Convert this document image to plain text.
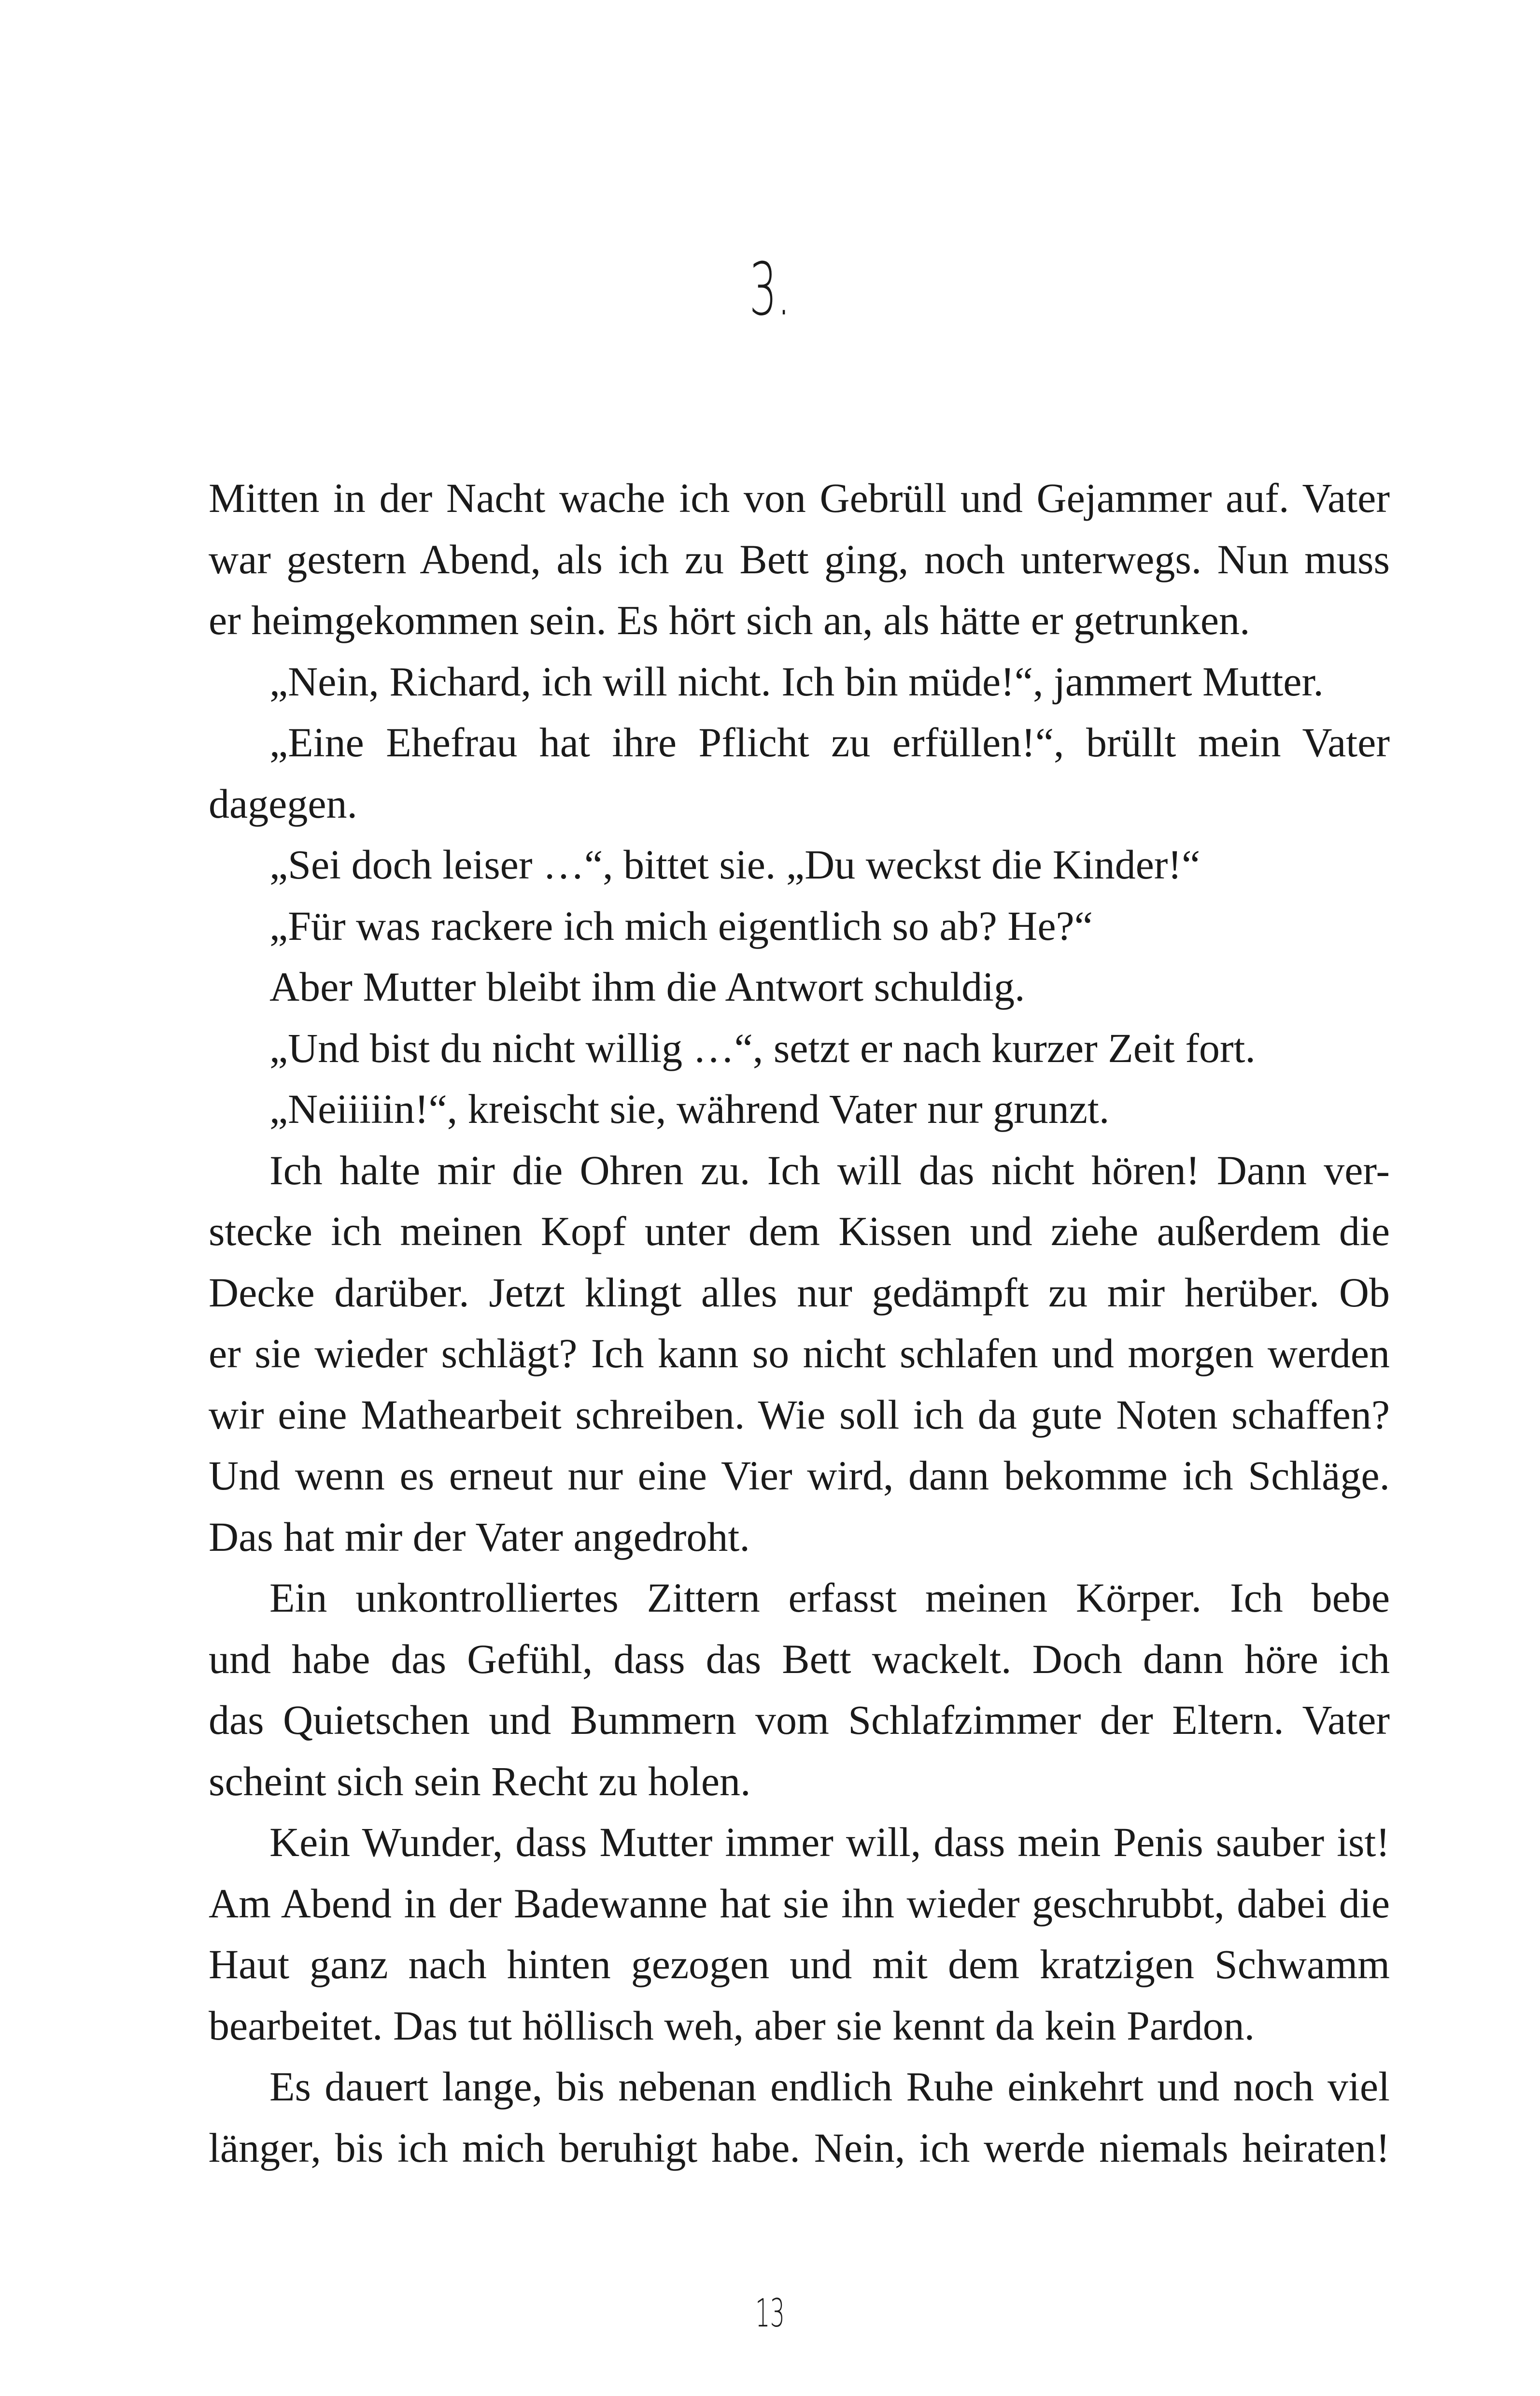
3.
Mitten in der Nacht wache ich von Gebrüll und Gejammer auf. Vater
war gestern Abend, als ich zu Bett ging, noch unterwegs. Nun muss
er heimgekommen sein. Es hört sich an, als hätte er getrunken.
„Nein, Richard, ich will nicht. Ich bin müde!“, jammert Mutter.
„Eine Ehefrau hat ihre Pflicht zu erfüllen!“, brüllt mein Vater
dagegen.
„Sei doch leiser …“, bittet sie. „Du weckst die Kinder!“
„Für was rackere ich mich eigentlich so ab? He?“
Aber Mutter bleibt ihm die Antwort schuldig.
„Und bist du nicht willig …“, setzt er nach kurzer Zeit fort.
„Neiiiiin!“, kreischt sie, während Vater nur grunzt.
Ich halte mir die Ohren zu. Ich will das nicht hören! Dann ver-
stecke ich meinen Kopf unter dem Kissen und ziehe außerdem die
Decke darüber. Jetzt klingt alles nur gedämpft zu mir herüber. Ob
er sie wieder schlägt? Ich kann so nicht schlafen und morgen werden
wir eine Mathearbeit schreiben. Wie soll ich da gute Noten schaffen?
Und wenn es erneut nur eine Vier wird, dann bekomme ich Schläge.
Das hat mir der Vater angedroht.
Ein unkontrolliertes Zittern erfasst meinen Körper. Ich bebe
und habe das Gefühl, dass das Bett wackelt. Doch dann höre ich
das Quietschen und Bummern vom Schlafzimmer der Eltern. Vater
scheint sich sein Recht zu holen.
Kein Wunder, dass Mutter immer will, dass mein Penis sauber ist!
Am Abend in der Badewanne hat sie ihn wieder geschrubbt, dabei die
Haut ganz nach hinten gezogen und mit dem kratzigen Schwamm
bearbeitet. Das tut höllisch weh, aber sie kennt da kein Pardon.
Es dauert lange, bis nebenan endlich Ruhe einkehrt und noch viel
länger, bis ich mich beruhigt habe. Nein, ich werde niemals heiraten!
13
